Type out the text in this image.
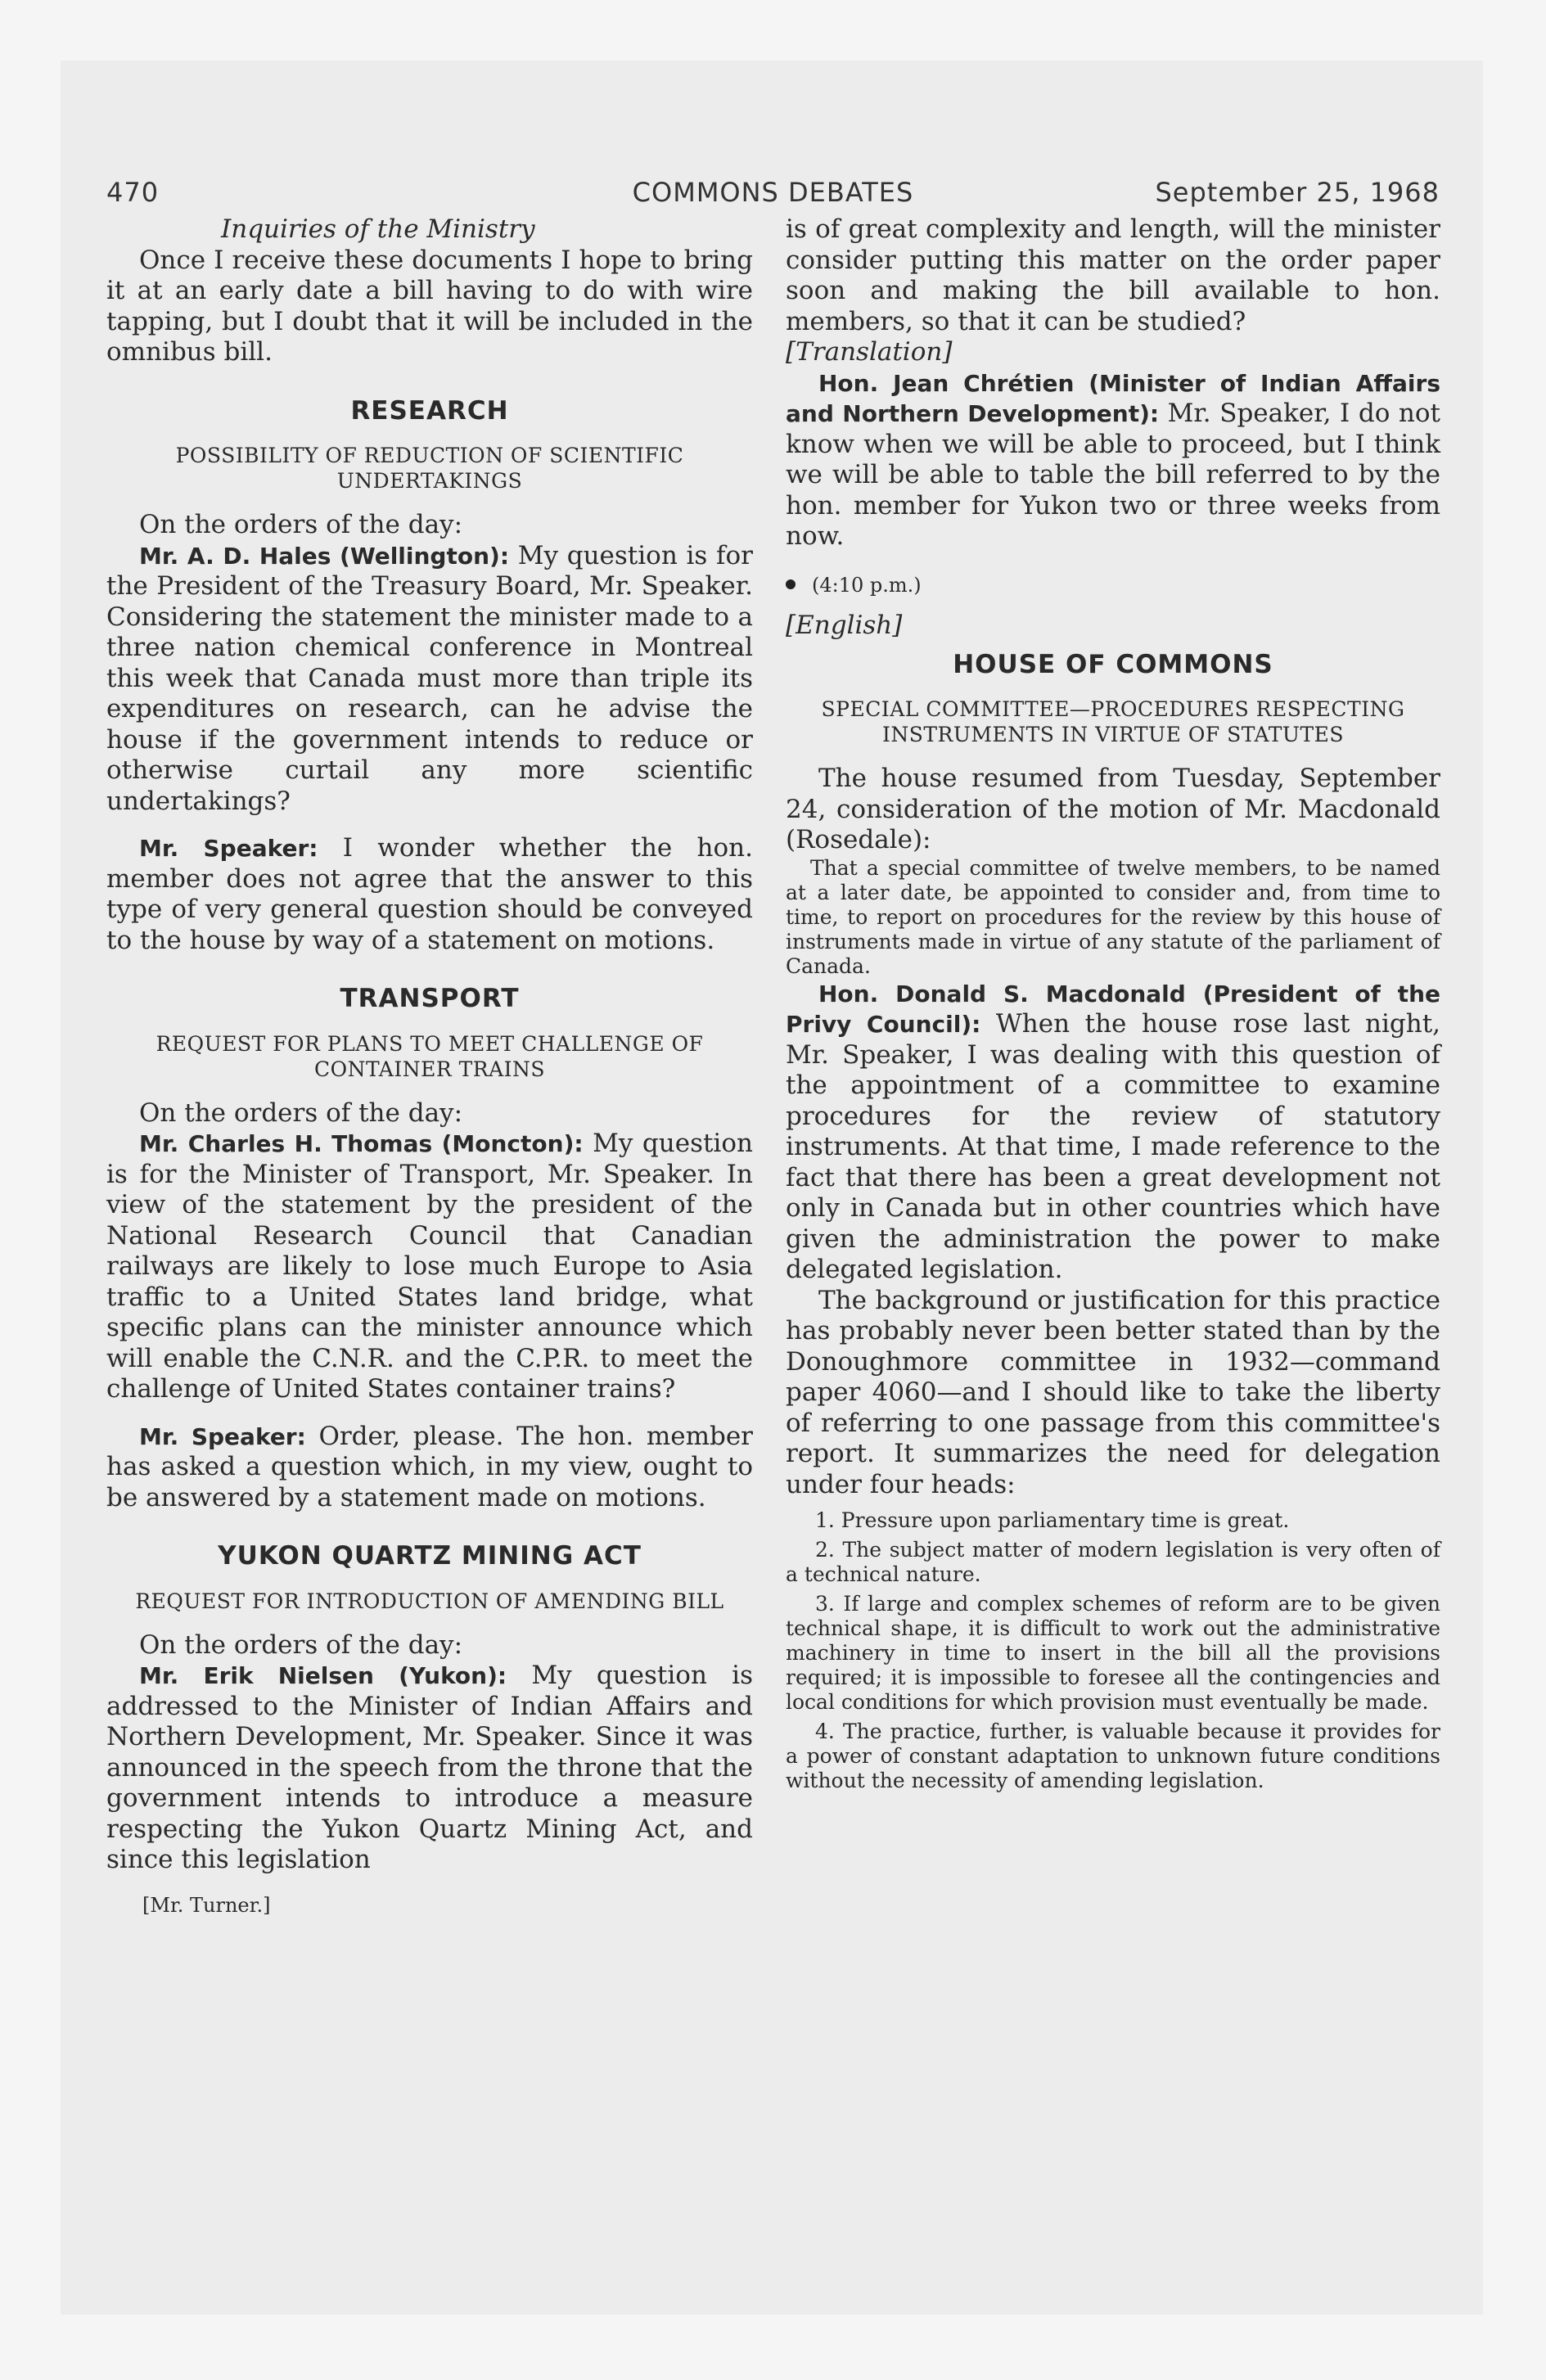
470	COMMONS DEBATES	September 25, 1968

Inquiries of the Ministry

Once I receive these documents I hope to bring it at an early date a bill having to do with wire tapping, but I doubt that it will be included in the omnibus bill.

RESEARCH
POSSIBILITY OF REDUCTION OF SCIENTIFIC UNDERTAKINGS

On the orders of the day:

Mr. A. D. Hales (Wellington): My question is for the President of the Treasury Board, Mr. Speaker. Considering the statement the minister made to a three nation chemical conference in Montreal this week that Canada must more than triple its expenditures on research, can he advise the house if the government intends to reduce or otherwise curtail any more scientific undertakings?

Mr. Speaker: I wonder whether the hon. member does not agree that the answer to this type of very general question should be conveyed to the house by way of a statement on motions.

TRANSPORT
REQUEST FOR PLANS TO MEET CHALLENGE OF CONTAINER TRAINS

On the orders of the day:

Mr. Charles H. Thomas (Moncton): My question is for the Minister of Transport, Mr. Speaker. In view of the statement by the president of the National Research Council that Canadian railways are likely to lose much Europe to Asia traffic to a United States land bridge, what specific plans can the minister announce which will enable the C.N.R. and the C.P.R. to meet the challenge of United States container trains?

Mr. Speaker: Order, please. The hon. member has asked a question which, in my view, ought to be answered by a statement made on motions.

YUKON QUARTZ MINING ACT
REQUEST FOR INTRODUCTION OF AMENDING BILL

On the orders of the day:

Mr. Erik Nielsen (Yukon): My question is addressed to the Minister of Indian Affairs and Northern Development, Mr. Speaker. Since it was announced in the speech from the throne that the government intends to introduce a measure respecting the Yukon Quartz Mining Act, and since this legislation

[Mr. Turner.]

is of great complexity and length, will the minister consider putting this matter on the order paper soon and making the bill available to hon. members, so that it can be studied?

[Translation]

Hon. Jean Chrétien (Minister of Indian Affairs and Northern Development): Mr. Speaker, I do not know when we will be able to proceed, but I think we will be able to table the bill referred to by the hon. member for Yukon two or three weeks from now.

(4:10 p.m.)

[English]

HOUSE OF COMMONS
SPECIAL COMMITTEE—PROCEDURES RESPECTING INSTRUMENTS IN VIRTUE OF STATUTES

The house resumed from Tuesday, September 24, consideration of the motion of Mr. Macdonald (Rosedale):

That a special committee of twelve members, to be named at a later date, be appointed to consider and, from time to time, to report on procedures for the review by this house of instruments made in virtue of any statute of the parliament of Canada.

Hon. Donald S. Macdonald (President of the Privy Council): When the house rose last night, Mr. Speaker, I was dealing with this question of the appointment of a committee to examine procedures for the review of statutory instruments. At that time, I made reference to the fact that there has been a great development not only in Canada but in other countries which have given the administration the power to make delegated legislation.

The background or justification for this practice has probably never been better stated than by the Donoughmore committee in 1932—command paper 4060—and I should like to take the liberty of referring to one passage from this committee's report. It summarizes the need for delegation under four heads:

1. Pressure upon parliamentary time is great.

2. The subject matter of modern legislation is very often of a technical nature.

3. If large and complex schemes of reform are to be given technical shape, it is difficult to work out the administrative machinery in time to insert in the bill all the provisions required; it is impossible to foresee all the contingencies and local conditions for which provision must eventually be made.

4. The practice, further, is valuable because it provides for a power of constant adaptation to unknown future conditions without the necessity of amending legislation.
